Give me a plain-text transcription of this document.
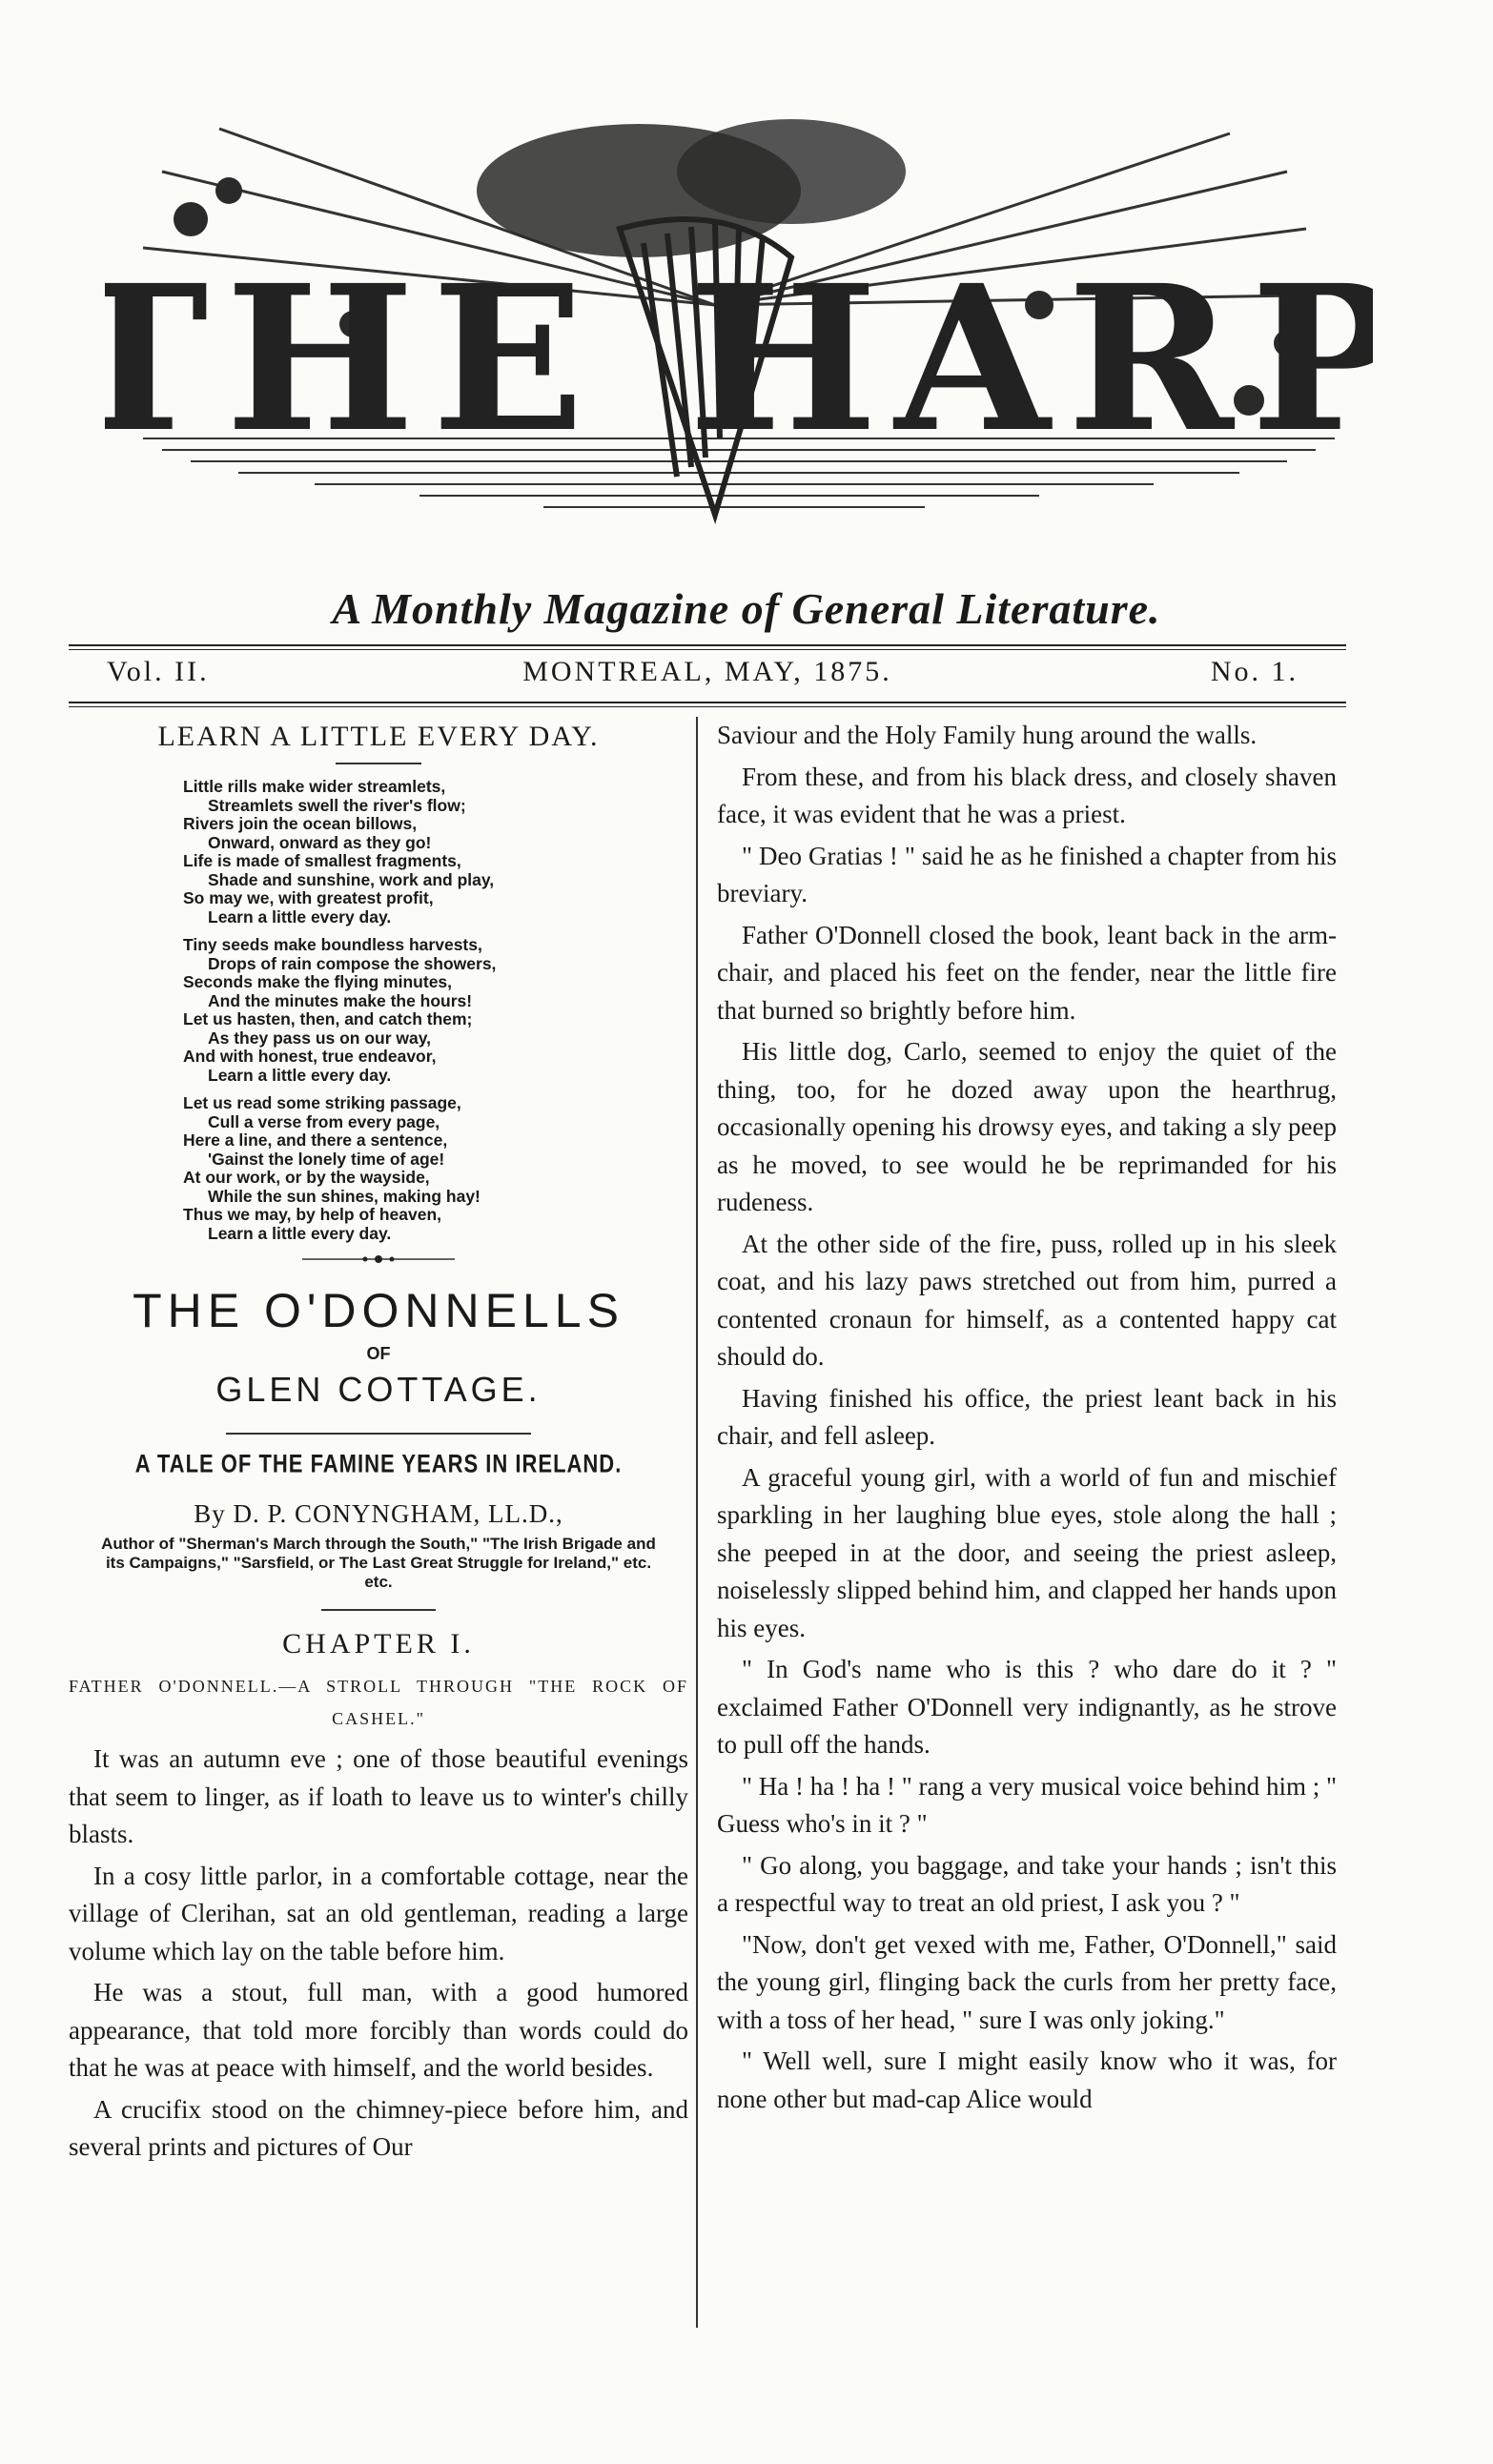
THE HARP
A Monthly Magazine of General Literature.
Vol. II.	MONTREAL, MAY, 1875.	No. 1.
LEARN A LITTLE EVERY DAY.
Little rills make wider streamlets,
Streamlets swell the river's flow;
Rivers join the ocean billows,
Onward, onward as they go!
Life is made of smallest fragments,
Shade and sunshine, work and play,
So may we, with greatest profit,
Learn a little every day.
Tiny seeds make boundless harvests,
Drops of rain compose the showers,
Seconds make the flying minutes,
And the minutes make the hours!
Let us hasten, then, and catch them;
As they pass us on our way,
And with honest, true endeavor,
Learn a little every day.
Let us read some striking passage,
Cull a verse from every page,
Here a line, and there a sentence,
'Gainst the lonely time of age!
At our work, or by the wayside,
While the sun shines, making hay!
Thus we may, by help of heaven,
Learn a little every day.
THE O'DONNELLS
OF
GLEN COTTAGE.
A TALE OF THE FAMINE YEARS IN IRELAND.
By D. P. CONYNGHAM, LL.D.,
Author of "Sherman's March through the South," "The Irish Brigade and its Campaigns," "Sarsfield, or The Last Great Struggle for Ireland," etc. etc.
CHAPTER I.
FATHER O'DONNELL.—A STROLL THROUGH "THE ROCK OF CASHEL."

It was an autumn eve ; one of those beautiful evenings that seem to linger, as if loath to leave us to winter's chilly blasts.

In a cosy little parlor, in a comfortable cottage, near the village of Clerihan, sat an old gentleman, reading a large volume which lay on the table before him.

He was a stout, full man, with a good humored appearance, that told more forcibly than words could do that he was at peace with himself, and the world besides.

A crucifix stood on the chimney-piece before him, and several prints and pictures of Our

Saviour and the Holy Family hung around the walls.

From these, and from his black dress, and closely shaven face, it was evident that he was a priest.

" Deo Gratias ! " said he as he finished a chapter from his breviary.

Father O'Donnell closed the book, leant back in the arm-chair, and placed his feet on the fender, near the little fire that burned so brightly before him.

His little dog, Carlo, seemed to enjoy the quiet of the thing, too, for he dozed away upon the hearthrug, occasionally opening his drowsy eyes, and taking a sly peep as he moved, to see would he be reprimanded for his rudeness.

At the other side of the fire, puss, rolled up in his sleek coat, and his lazy paws stretched out from him, purred a contented cronaun for himself, as a contented happy cat should do.

Having finished his office, the priest leant back in his chair, and fell asleep.

A graceful young girl, with a world of fun and mischief sparkling in her laughing blue eyes, stole along the hall ; she peeped in at the door, and seeing the priest asleep, noiselessly slipped behind him, and clapped her hands upon his eyes.

" In God's name who is this ? who dare do it ? " exclaimed Father O'Donnell very indignantly, as he strove to pull off the hands.

" Ha ! ha ! ha ! " rang a very musical voice behind him ; " Guess who's in it ? "

" Go along, you baggage, and take your hands ; isn't this a respectful way to treat an old priest, I ask you ? "

"Now, don't get vexed with me, Father, O'Donnell," said the young girl, flinging back the curls from her pretty face, with a toss of her head, " sure I was only joking."

" Well well, sure I might easily know who it was, for none other but mad-cap Alice would
